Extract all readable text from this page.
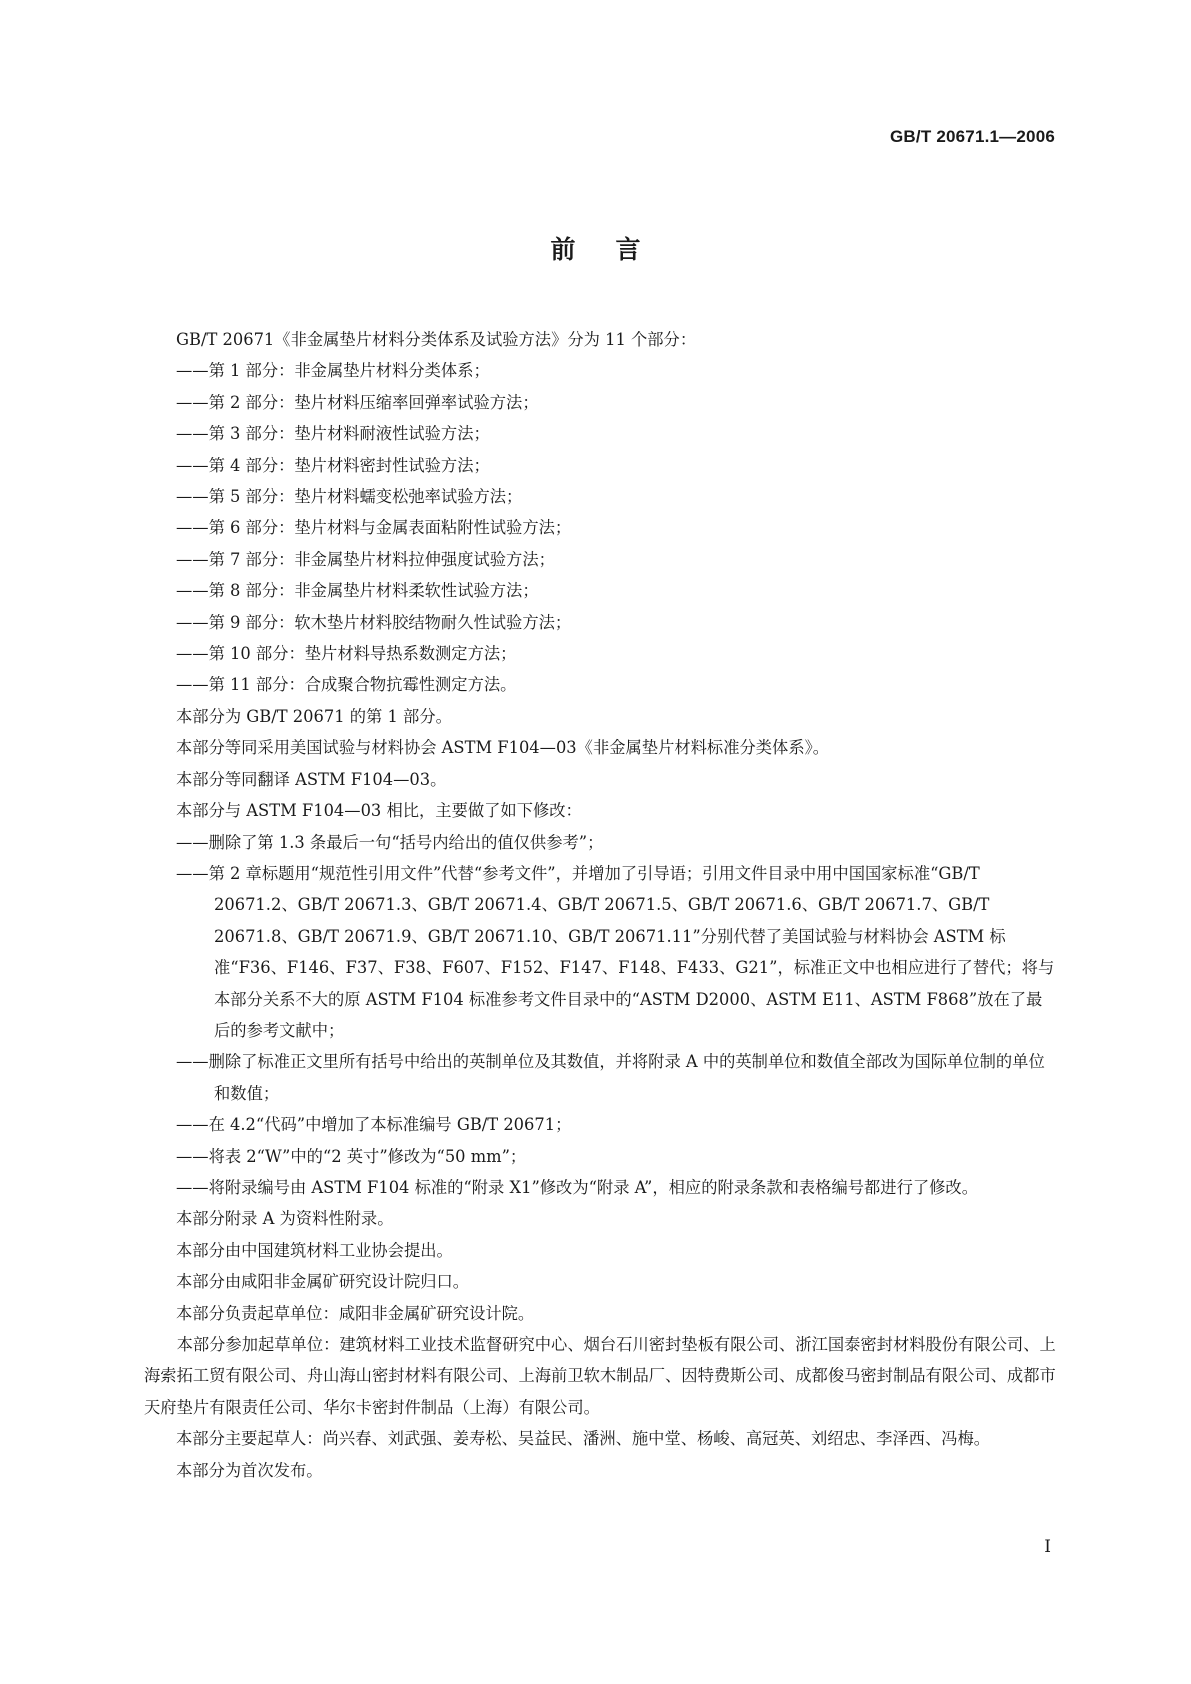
GB/T 20671.1—2006
前言
GB/T 20671《非金属垫片材料分类体系及试验方法》分为 11 个部分：
——第 1 部分：非金属垫片材料分类体系；
——第 2 部分：垫片材料压缩率回弹率试验方法；
——第 3 部分：垫片材料耐液性试验方法；
——第 4 部分：垫片材料密封性试验方法；
——第 5 部分：垫片材料蠕变松弛率试验方法；
——第 6 部分：垫片材料与金属表面粘附性试验方法；
——第 7 部分：非金属垫片材料拉伸强度试验方法；
——第 8 部分：非金属垫片材料柔软性试验方法；
——第 9 部分：软木垫片材料胶结物耐久性试验方法；
——第 10 部分：垫片材料导热系数测定方法；
——第 11 部分：合成聚合物抗霉性测定方法。
本部分为 GB/T 20671 的第 1 部分。
本部分等同采用美国试验与材料协会 ASTM F104—03《非金属垫片材料标准分类体系》。
本部分等同翻译 ASTM F104—03。
本部分与 ASTM F104—03 相比，主要做了如下修改：
——删除了第 1.3 条最后一句“括号内给出的值仅供参考”；
——第 2 章标题用“规范性引用文件”代替“参考文件”，并增加了引导语；引用文件目录中用中国国家标准“GB/T 20671.2、GB/T 20671.3、GB/T 20671.4、GB/T 20671.5、GB/T 20671.6、GB/T 20671.7、GB/T 20671.8、GB/T 20671.9、GB/T 20671.10、GB/T 20671.11”分别代替了美国试验与材料协会 ASTM 标准“F36、F146、F37、F38、F607、F152、F147、F148、F433、G21”，标准正文中也相应进行了替代；将与本部分关系不大的原 ASTM F104 标准参考文件目录中的“ASTM D2000、ASTM E11、ASTM F868”放在了最后的参考文献中；
——删除了标准正文里所有括号中给出的英制单位及其数值，并将附录 A 中的英制单位和数值全部改为国际单位制的单位和数值；
——在 4.2“代码”中增加了本标准编号 GB/T 20671；
——将表 2“W”中的“2 英寸”修改为“50 mm”；
——将附录编号由 ASTM F104 标准的“附录 X1”修改为“附录 A”，相应的附录条款和表格编号都进行了修改。
本部分附录 A 为资料性附录。
本部分由中国建筑材料工业协会提出。
本部分由咸阳非金属矿研究设计院归口。
本部分负责起草单位：咸阳非金属矿研究设计院。
　　本部分参加起草单位：建筑材料工业技术监督研究中心、烟台石川密封垫板有限公司、浙江国泰密封材料股份有限公司、上海索拓工贸有限公司、舟山海山密封材料有限公司、上海前卫软木制品厂、因特费斯公司、成都俊马密封制品有限公司、成都市天府垫片有限责任公司、华尔卡密封件制品（上海）有限公司。
本部分主要起草人：尚兴春、刘武强、姜寿松、吴益民、潘洲、施中堂、杨峻、高冠英、刘绍忠、李泽西、冯梅。
本部分为首次发布。
I
